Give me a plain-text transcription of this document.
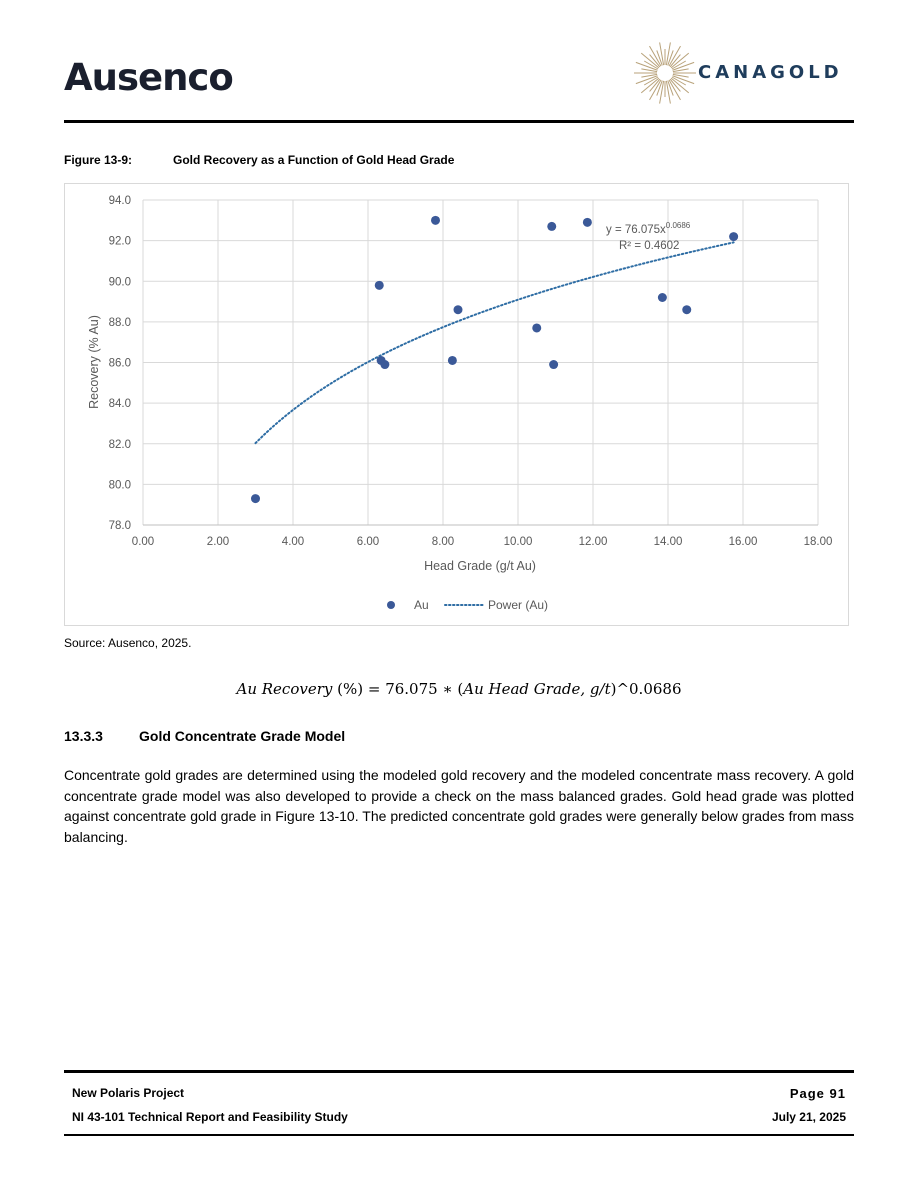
Ausenco	CANAGOLD
Figure 13-9:	Gold Recovery as a Function of Gold Head Grade
0.00	2.00	4.00	6.00	8.00	10.00	12.00	14.00	16.00	18.00
78.0
80.0
82.0
84.0
86.0
88.0
90.0
92.0
94.0
$y = 76.075x^{0.0686}$
R² = 0.4602
Head Grade (g/t Au)
Recovery (% Au)
Au	Power (Au)
Source: Ausenco, 2025.
Au Recovery (%) = 76.075 ∗ (Au Head Grade, g/t)^0.0686
13.3.3	Gold Concentrate Grade Model
Concentrate gold grades are determined using the modeled gold recovery and the modeled concentrate mass recovery. A gold concentrate grade model was also developed to provide a check on the mass balanced grades. Gold head grade was plotted against concentrate gold grade in Figure 13-10. The predicted concentrate gold grades were generally below grades from mass balancing.
New Polaris Project
NI 43-101 Technical Report and Feasibility Study
Page 91
July 21, 2025
